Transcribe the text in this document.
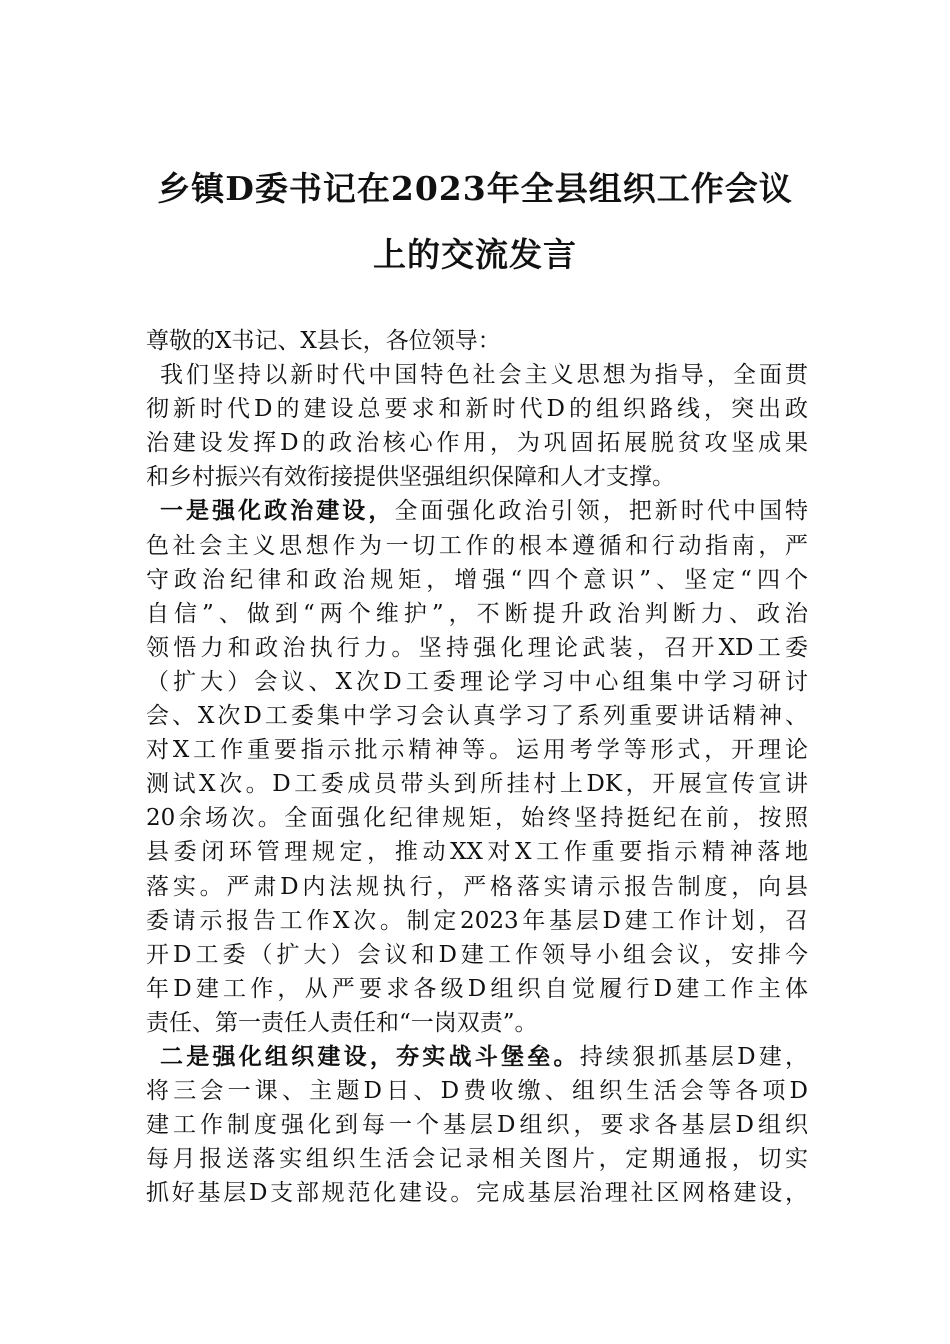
乡镇D委书记在2023年全县组织工作会议
上的交流发言
尊敬的X书记、X县长，各位领导：
我们坚持以新时代中国特色社会主义思想为指导，全面贯
彻新时代D的建设总要求和新时代D的组织路线，突出政
治建设发挥D的政治核心作用，为巩固拓展脱贫攻坚成果
和乡村振兴有效衔接提供坚强组织保障和人才支撑。
一是强化政治建设，全面强化政治引领，把新时代中国特
色社会主义思想作为一切工作的根本遵循和行动指南，严
守政治纪律和政治规矩，增强“四个意识”、坚定“四个
自信”、做到“两个维护”，不断提升政治判断力、政治
领悟力和政治执行力。坚持强化理论武装，召开XD工委
（扩大）会议、X次D工委理论学习中心组集中学习研讨
会、X次D工委集中学习会认真学习了系列重要讲话精神、
对X工作重要指示批示精神等。运用考学等形式，开理论
测试X次。D工委成员带头到所挂村上DK，开展宣传宣讲
20余场次。全面强化纪律规矩，始终坚持挺纪在前，按照
县委闭环管理规定，推动XX对X工作重要指示精神落地
落实。严肃D内法规执行，严格落实请示报告制度，向县
委请示报告工作X次。制定2023年基层D建工作计划，召
开D工委（扩大）会议和D建工作领导小组会议，安排今
年D建工作，从严要求各级D组织自觉履行D建工作主体
责任、第一责任人责任和“一岗双责”。
二是强化组织建设，夯实战斗堡垒。持续狠抓基层D建，
将三会一课、主题D日、D费收缴、组织生活会等各项D
建工作制度强化到每一个基层D组织，要求各基层D组织
每月报送落实组织生活会记录相关图片，定期通报，切实
抓好基层D支部规范化建设。完成基层治理社区网格建设，
